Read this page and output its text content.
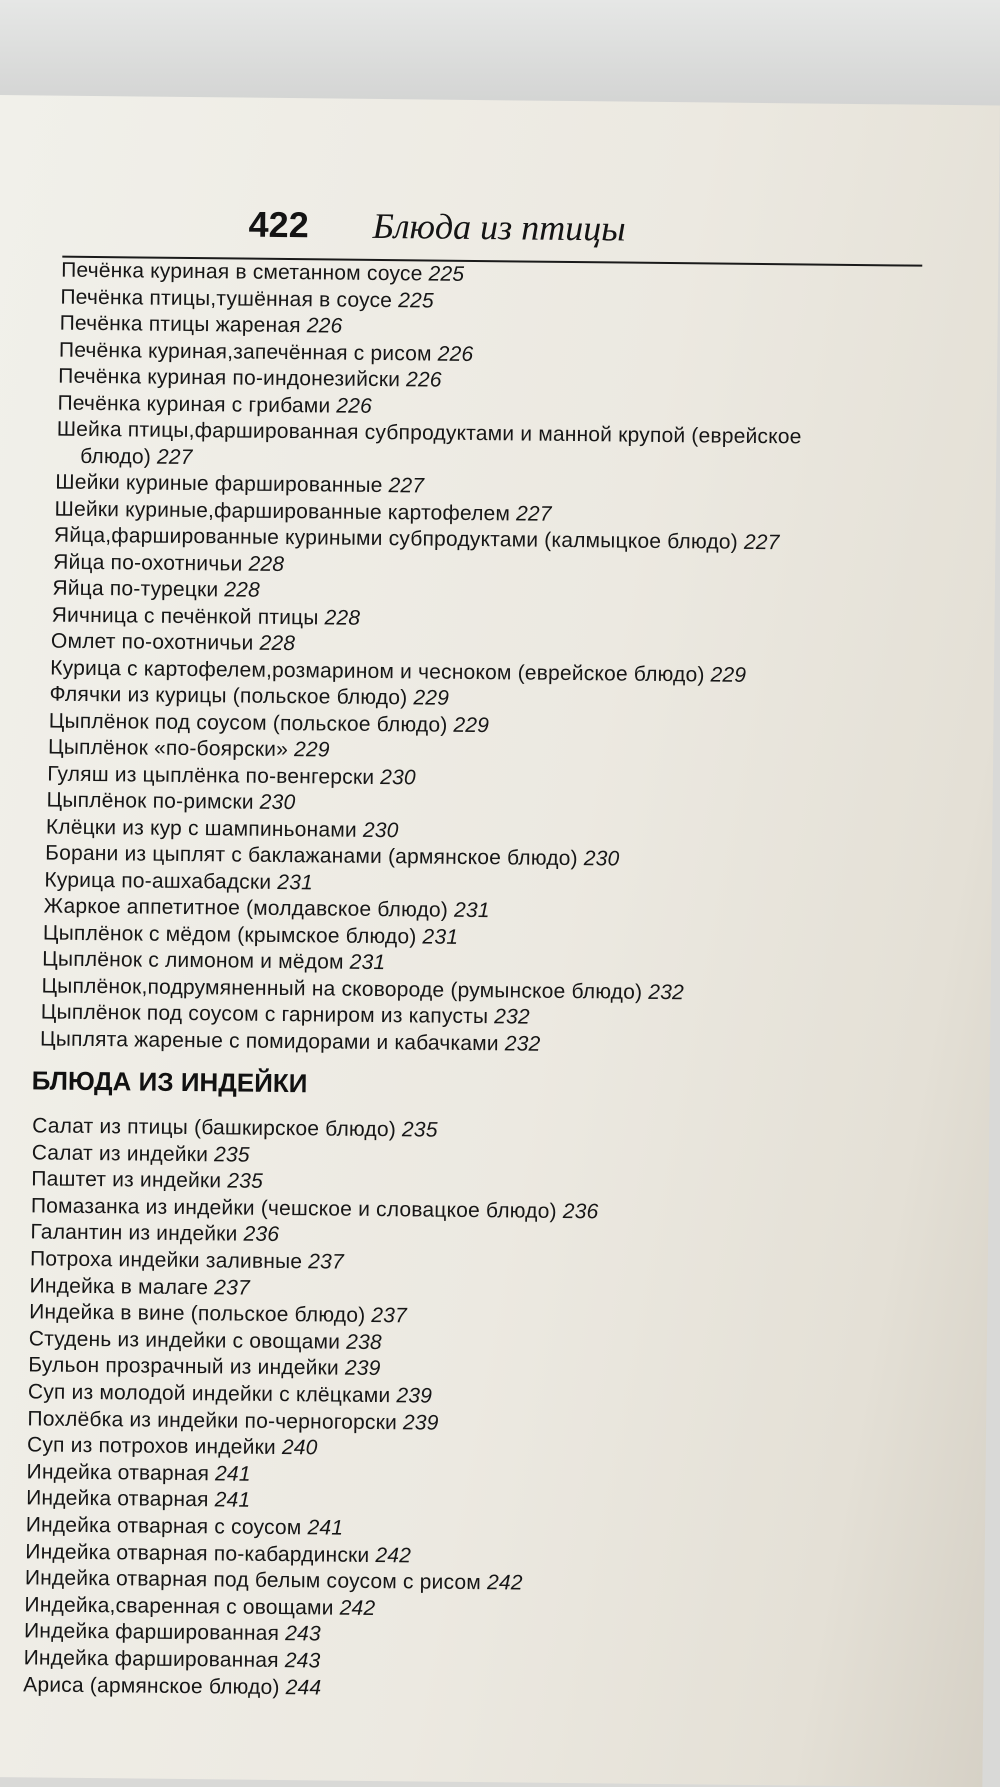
422 Блюда из птицы
Печёнка куриная в сметанном соусе 225
Печёнка птицы,тушённая в соусе 225
Печёнка птицы жареная 226
Печёнка куриная,запечённая с рисом 226
Печёнка куриная по-индонезийски 226
Печёнка куриная с грибами 226
Шейка птицы,фаршированная субпродуктами и манной крупой (еврейское
блюдо) 227
Шейки куриные фаршированные 227
Шейки куриные,фаршированные картофелем 227
Яйца,фаршированные куриными субпродуктами (калмыцкое блюдо) 227
Яйца по-охотничьи 228
Яйца по-турецки 228
Яичница с печёнкой птицы 228
Омлет по-охотничьи 228
Курица с картофелем,розмарином и чесноком (еврейское блюдо) 229
Флячки из курицы (польское блюдо) 229
Цыплёнок под соусом (польское блюдо) 229
Цыплёнок «по-боярски» 229
Гуляш из цыплёнка по-венгерски 230
Цыплёнок по-римски 230
Клёцки из кур с шампиньонами 230
Борани из цыплят с баклажанами (армянское блюдо) 230
Курица по-ашхабадски 231
Жаркое аппетитное (молдавское блюдо) 231
Цыплёнок с мёдом (крымское блюдо) 231
Цыплёнок с лимоном и мёдом 231
Цыплёнок,подрумяненный на сковороде (румынское блюдо) 232
Цыплёнок под соусом с гарниром из капусты 232
Цыплята жареные с помидорами и кабачками 232
БЛЮДА ИЗ ИНДЕЙКИ
Салат из птицы (башкирское блюдо) 235
Салат из индейки 235
Паштет из индейки 235
Помазанка из индейки (чешское и словацкое блюдо) 236
Галантин из индейки 236
Потроха индейки заливные 237
Индейка в малаге 237
Индейка в вине (польское блюдо) 237
Студень из индейки с овощами 238
Бульон прозрачный из индейки 239
Суп из молодой индейки с клёцками 239
Похлёбка из индейки по-черногорски 239
Суп из потрохов индейки 240
Индейка отварная 241
Индейка отварная 241
Индейка отварная с соусом 241
Индейка отварная по-кабардински 242
Индейка отварная под белым соусом с рисом 242
Индейка,сваренная с овощами 242
Индейка фаршированная 243
Индейка фаршированная 243
Ариса (армянское блюдо) 244
